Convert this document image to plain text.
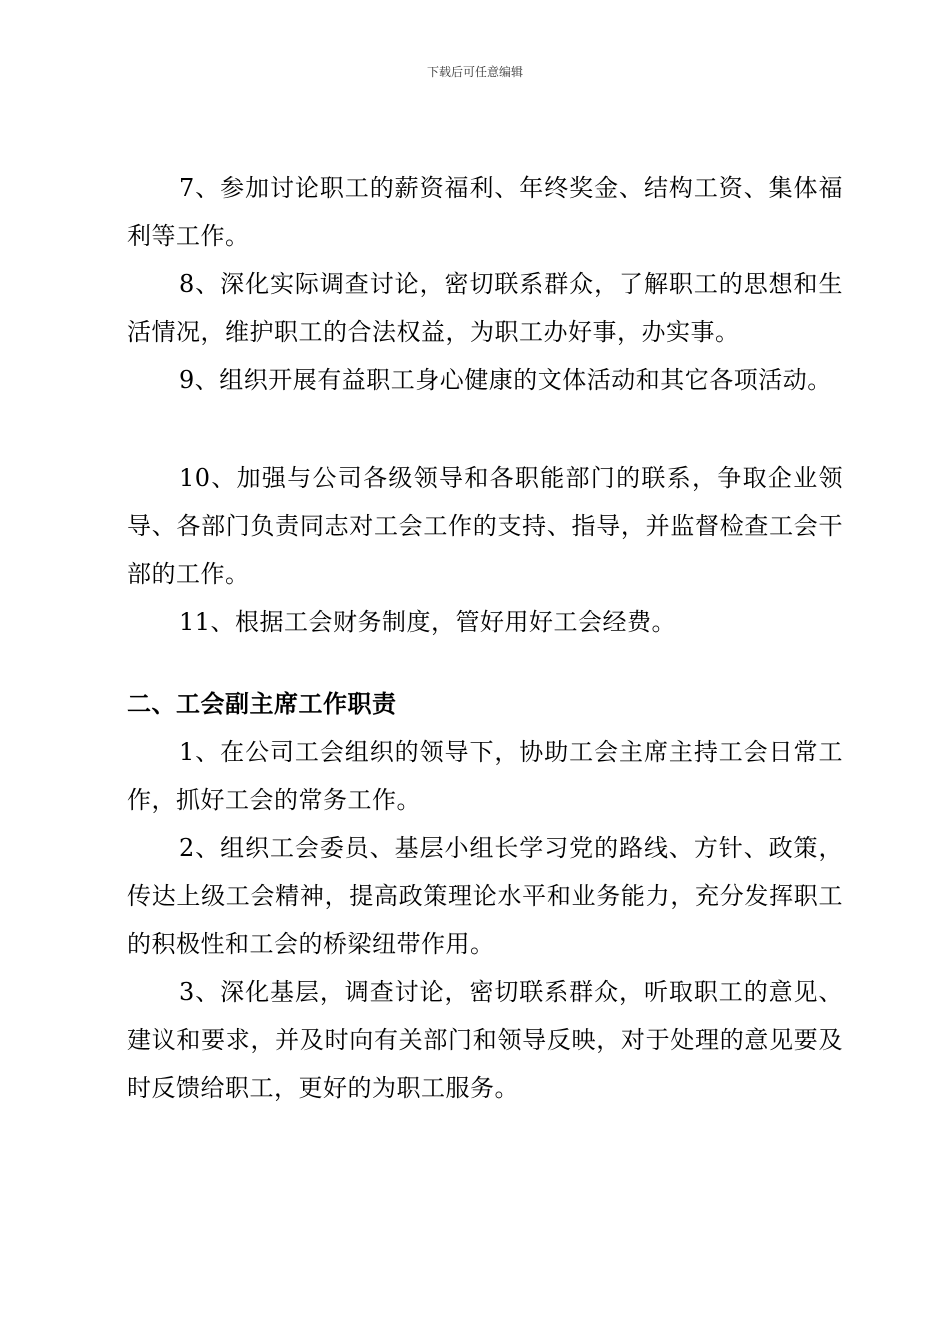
下载后可任意编辑

7、参加讨论职工的薪资福利、年终奖金、结构工资、集体福利等工作。

8、深化实际调查讨论，密切联系群众，了解职工的思想和生活情况，维护职工的合法权益，为职工办好事，办实事。

9、组织开展有益职工身心健康的文体活动和其它各项活动。

10、加强与公司各级领导和各职能部门的联系，争取企业领导、各部门负责同志对工会工作的支持、指导，并监督检查工会干部的工作。

11、根据工会财务制度，管好用好工会经费。

二、工会副主席工作职责

1、在公司工会组织的领导下，协助工会主席主持工会日常工作，抓好工会的常务工作。

2、组织工会委员、基层小组长学习党的路线、方针、政策，传达上级工会精神，提高政策理论水平和业务能力，充分发挥职工的积极性和工会的桥梁纽带作用。

3、深化基层，调查讨论，密切联系群众，听取职工的意见、建议和要求，并及时向有关部门和领导反映，对于处理的意见要及时反馈给职工，更好的为职工服务。
